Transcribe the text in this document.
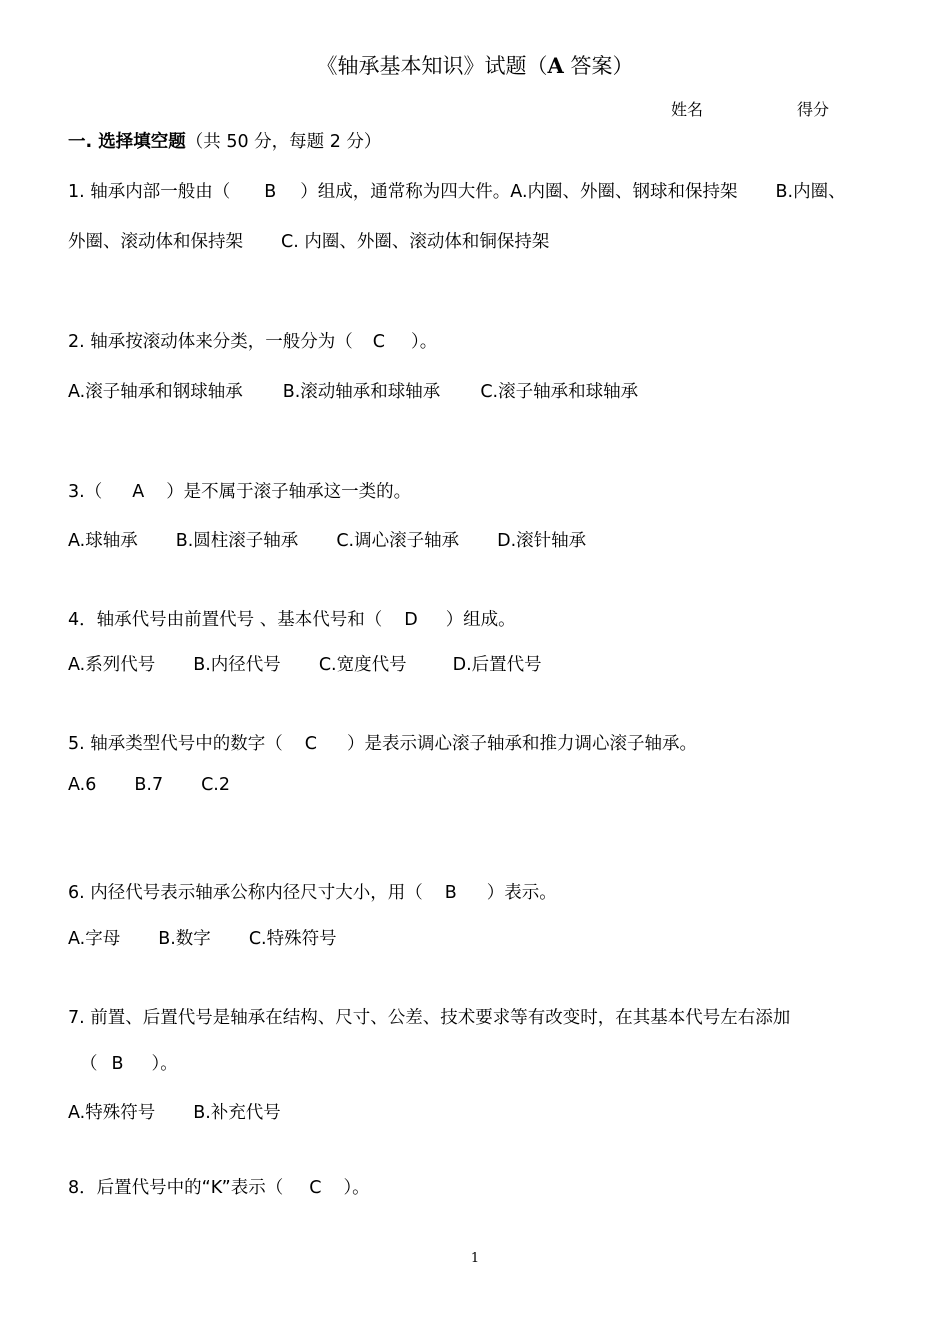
《轴承基本知识》试题（A 答案）
姓名	得分
一. 选择填空题（共 50 分，每题 2 分）
1. 轴承内部一般由（ B ）组成，通常称为四大件。A.内圈、外圈、钢球和保持架 B.内圈、
外圈、滚动体和保持架 C. 内圈、外圈、滚动体和铜保持架
2. 轴承按滚动体来分类，一般分为（ C ）。
A.滚子轴承和钢球轴承 B.滚动轴承和球轴承 C.滚子轴承和球轴承
3.（ A ）是不属于滚子轴承这一类的。
A.球轴承 B.圆柱滚子轴承 C.调心滚子轴承 D.滚针轴承
4．轴承代号由前置代号 、基本代号和（ D ）组成。
A.系列代号 B.内径代号 C.宽度代号	D.后置代号
5. 轴承类型代号中的数字（ C ）是表示调心滚子轴承和推力调心滚子轴承。
A.6 B.7 C.2
6. 内径代号表示轴承公称内径尺寸大小，用（ B ）表示。
A.字母 B.数字 C.特殊符号
7. 前置、后置代号是轴承在结构、尺寸、公差、技术要求等有改变时，在其基本代号左右添加
（ B ）。
A.特殊符号 B.补充代号
8．后置代号中的“K”表示（ C ）。
1
